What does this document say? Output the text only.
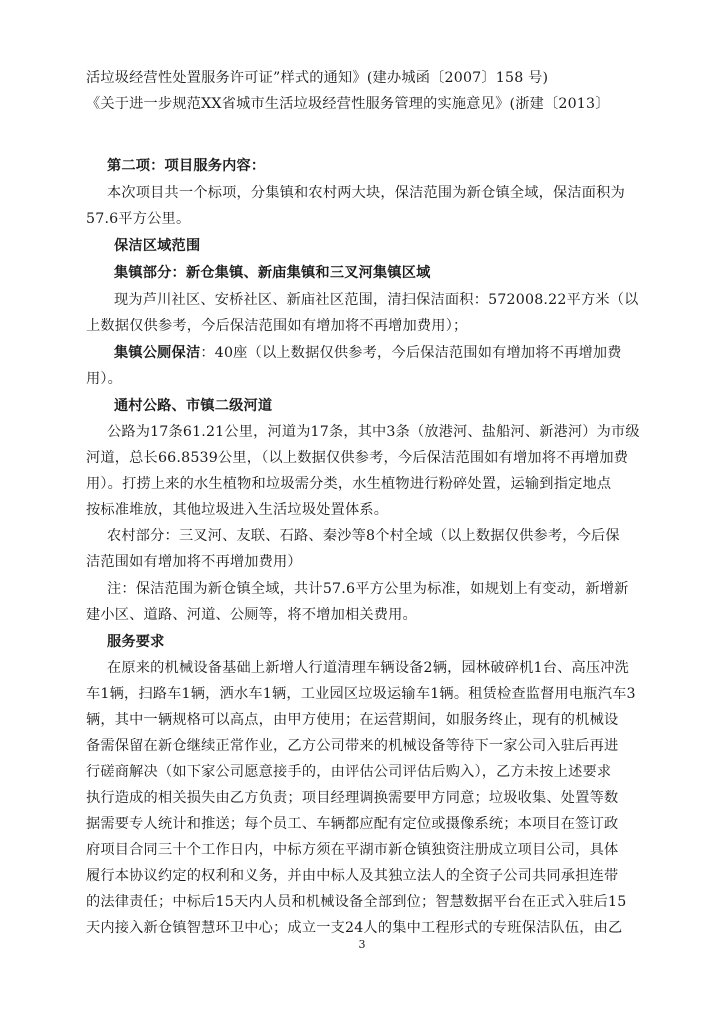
活垃圾经营性处置服务许可证”样式的通知》(建办城函〔2007〕158 号)
《关于进一步规范XX省城市生活垃圾经营性服务管理的实施意见》(浙建〔2013〕
第二项：项目服务内容：
本次项目共一个标项，分集镇和农村两大块，保洁范围为新仓镇全域，保洁面积为
57.6平方公里。
保洁区域范围
集镇部分：新仓集镇、新庙集镇和三叉河集镇区域
现为芦川社区、安桥社区、新庙社区范围，清扫保洁面积：572008.22平方米（以
上数据仅供参考，今后保洁范围如有增加将不再增加费用）；
集镇公厕保洁：40座（以上数据仅供参考，今后保洁范围如有增加将不再增加费
用）。
通村公路、市镇二级河道
公路为17条61.21公里，河道为17条，其中3条（放港河、盐船河、新港河）为市级
河道，总长66.8539公里，（以上数据仅供参考，今后保洁范围如有增加将不再增加费
用）。打捞上来的水生植物和垃圾需分类，水生植物进行粉碎处置，运输到指定地点
按标准堆放，其他垃圾进入生活垃圾处置体系。
农村部分：三叉河、友联、石路、秦沙等8个村全域（以上数据仅供参考，今后保
洁范围如有增加将不再增加费用）
注：保洁范围为新仓镇全域，共计57.6平方公里为标准，如规划上有变动，新增新
建小区、道路、河道、公厕等，将不增加相关费用。
服务要求
在原来的机械设备基础上新增人行道清理车辆设备2辆，园林破碎机1台、高压冲洗
车1辆，扫路车1辆，洒水车1辆，工业园区垃圾运输车1辆。租赁检查监督用电瓶汽车3
辆，其中一辆规格可以高点，由甲方使用；在运营期间，如服务终止，现有的机械设
备需保留在新仓继续正常作业，乙方公司带来的机械设备等待下一家公司入驻后再进
行磋商解决（如下家公司愿意接手的，由评估公司评估后购入），乙方未按上述要求
执行造成的相关损失由乙方负责；项目经理调换需要甲方同意；垃圾收集、处置等数
据需要专人统计和推送；每个员工、车辆都应配有定位或摄像系统；本项目在签订政
府项目合同三十个工作日内，中标方须在平湖市新仓镇独资注册成立项目公司，具体
履行本协议约定的权利和义务，并由中标人及其独立法人的全资子公司共同承担连带
的法律责任；中标后15天内人员和机械设备全部到位；智慧数据平台在正式入驻后15
天内接入新仓镇智慧环卫中心；成立一支24人的集中工程形式的专班保洁队伍，由乙
3
